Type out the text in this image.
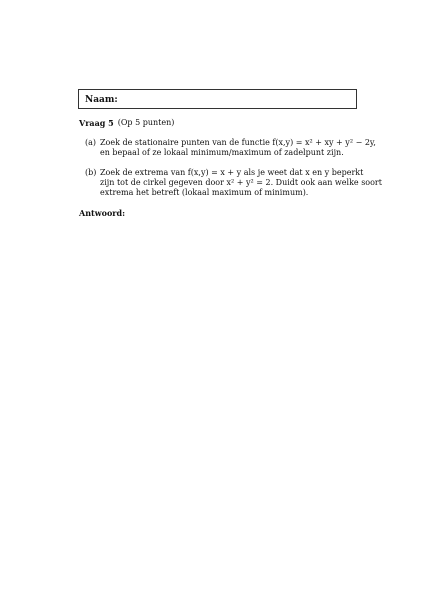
Naam:
Vraag 5 (Op 5 punten)
(a) Zoek de stationaire punten van de functie f(x,y) = x² + xy + y² − 2y,
en bepaal of ze lokaal minimum/maximum of zadelpunt zijn.
(b) Zoek de extrema van f(x,y) = x + y als je weet dat x en y beperkt
zijn tot de cirkel gegeven door x² + y² = 2. Duidt ook aan welke soort
extrema het betreft (lokaal maximum of minimum).
Antwoord:
